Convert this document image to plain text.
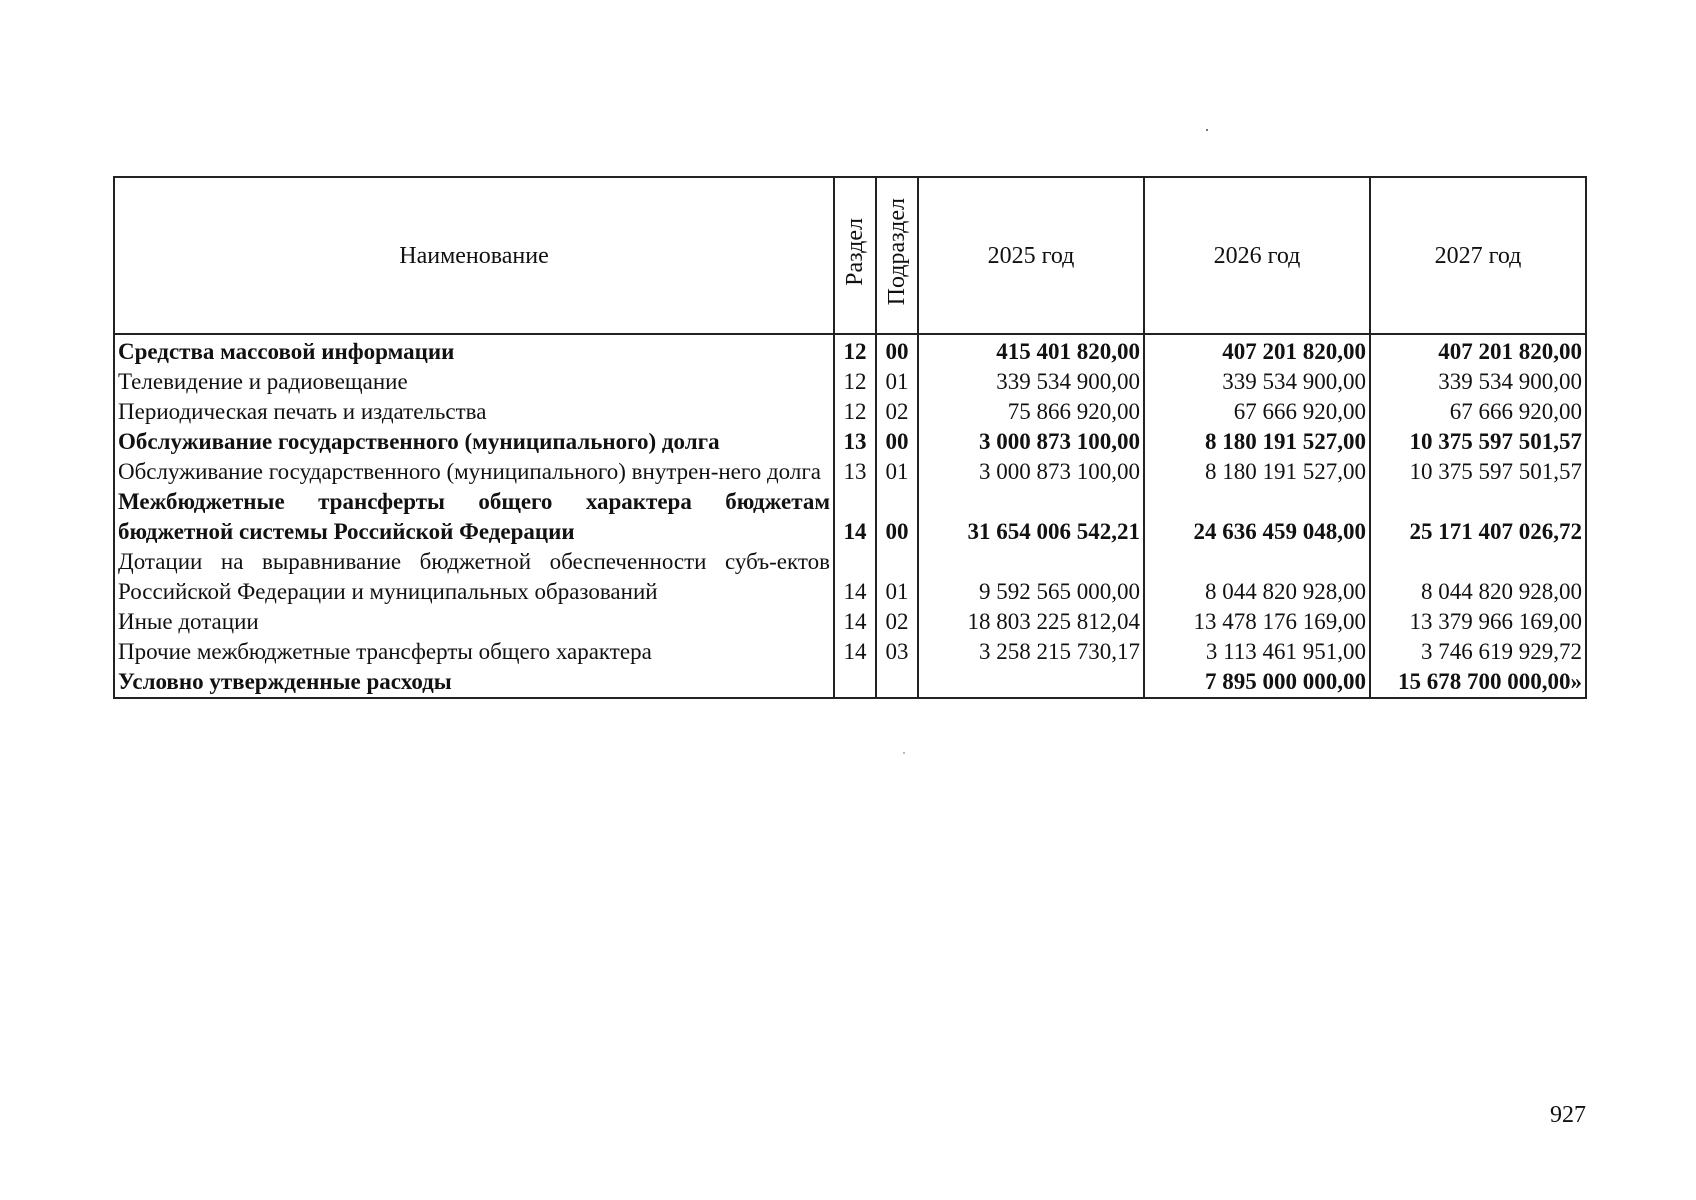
Наименование	Раздел	Подраздел	2025 год	2026 год	2027 год
Средства массовой информации	12	00	415 401 820,00	407 201 820,00	407 201 820,00
Телевидение и радиовещание	12	01	339 534 900,00	339 534 900,00	339 534 900,00
Периодическая печать и издательства	12	02	75 866 920,00	67 666 920,00	67 666 920,00
Обслуживание государственного (муниципального) долга	13	00	3 000 873 100,00	8 180 191 527,00	10 375 597 501,57

Обслуживание государственного (муниципального) внутрен-него долга	13	01	3 000 873 100,00	8 180 191 527,00	10 375 597 501,57

Межбюджетные трансферты общего характера бюджетам бюджетной системы Российской Федерации	14	00	31 654 006 542,21	24 636 459 048,00	25 171 407 026,72

Дотации на выравнивание бюджетной обеспеченности субъ-ектов Российской Федерации и муниципальных образований	14	01	9 592 565 000,00	8 044 820 928,00	8 044 820 928,00
Иные дотации	14	02	18 803 225 812,04	13 478 176 169,00	13 379 966 169,00
Прочие межбюджетные трансферты общего характера	14	03	3 258 215 730,17	3 113 461 951,00	3 746 619 929,72
Условно утвержденные расходы				7 895 000 000,00	15 678 700 000,00»
927
